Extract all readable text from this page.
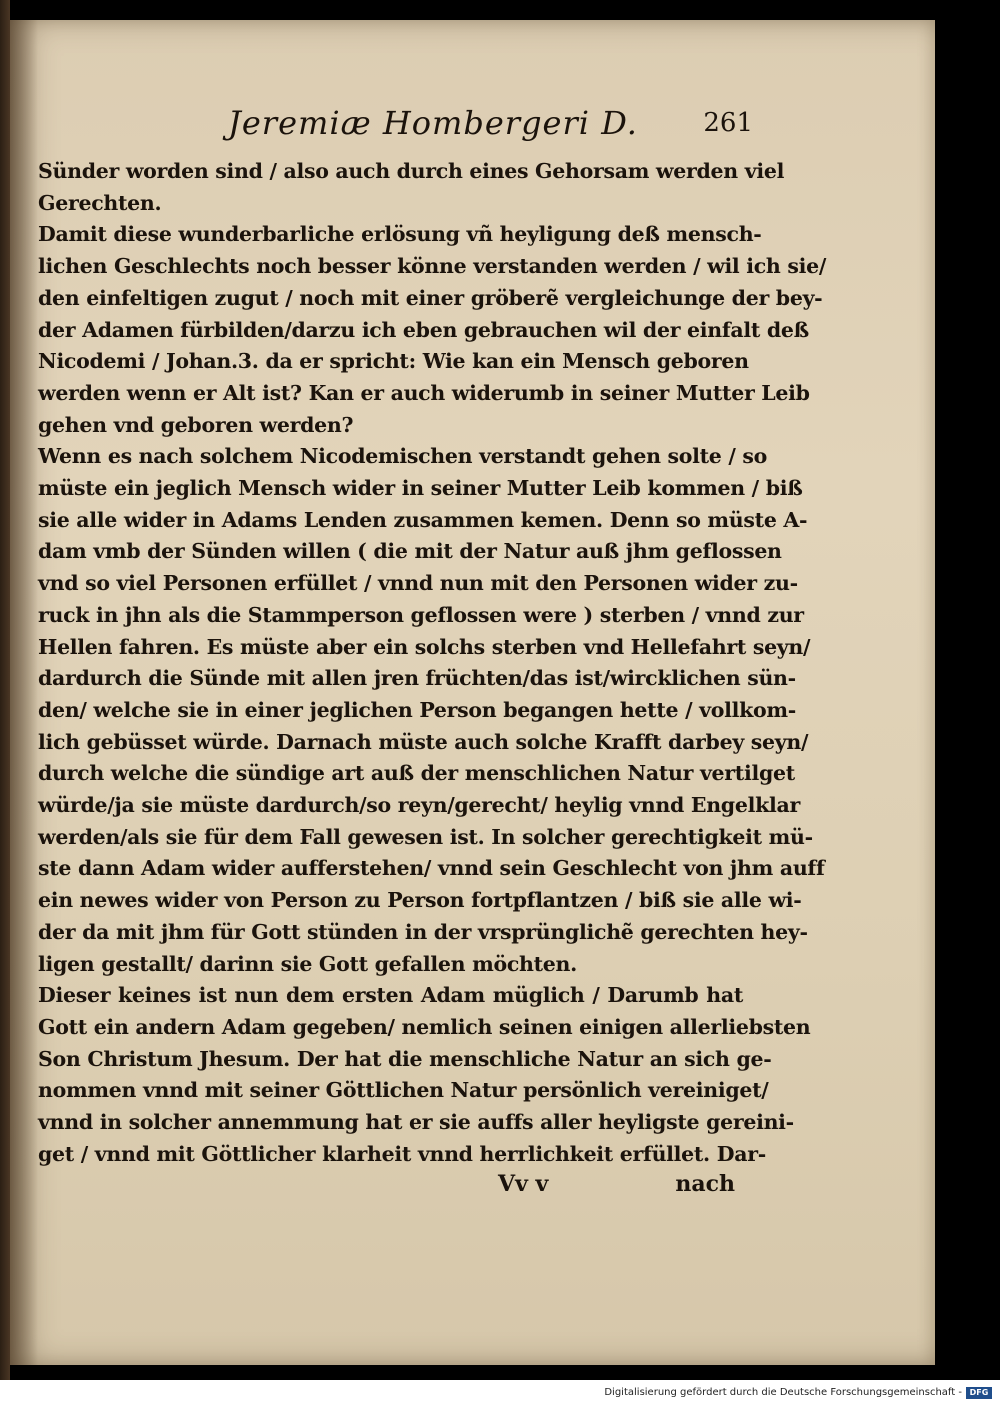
Jeremiæ Hombergeri D.	261
Sünder worden sind / also auch durch eines Gehorsam werden viel
Gerechten.
Damit diese wunderbarliche erlösung vñ heyligung deß mensch-
lichen Geschlechts noch besser könne verstanden werden / wil ich sie/
den einfeltigen zugut / noch mit einer gröberẽ vergleichunge der bey-
der Adamen fürbilden/darzu ich eben gebrauchen wil der einfalt deß
Nicodemi / Johan.3. da er spricht: Wie kan ein Mensch geboren
werden wenn er Alt ist? Kan er auch widerumb in seiner Mutter Leib
gehen vnd geboren werden?
Wenn es nach solchem Nicodemischen verstandt gehen solte / so
müste ein jeglich Mensch wider in seiner Mutter Leib kommen / biß
sie alle wider in Adams Lenden zusammen kemen. Denn so müste A-
dam vmb der Sünden willen ( die mit der Natur auß jhm geflossen
vnd so viel Personen erfüllet / vnnd nun mit den Personen wider zu-
ruck in jhn als die Stammperson geflossen were ) sterben / vnnd zur
Hellen fahren. Es müste aber ein solchs sterben vnd Hellefahrt seyn/
dardurch die Sünde mit allen jren früchten/das ist/wircklichen sün-
den/ welche sie in einer jeglichen Person begangen hette / vollkom-
lich gebüsset würde. Darnach müste auch solche Krafft darbey seyn/
durch welche die sündige art auß der menschlichen Natur vertilget
würde/ja sie müste dardurch/so reyn/gerecht/ heylig vnnd Engelklar
werden/als sie für dem Fall gewesen ist. In solcher gerechtigkeit mü-
ste dann Adam wider aufferstehen/ vnnd sein Geschlecht von jhm auff
ein newes wider von Person zu Person fortpflantzen / biß sie alle wi-
der da mit jhm für Gott stünden in der vrsprünglichẽ gerechten hey-
ligen gestallt/ darinn sie Gott gefallen möchten.
Dieser keines ist nun dem ersten Adam müglich / Darumb hat
Gott ein andern Adam gegeben/ nemlich seinen einigen allerliebsten
Son Christum Jhesum. Der hat die menschliche Natur an sich ge-
nommen vnnd mit seiner Göttlichen Natur persönlich vereiniget/
vnnd in solcher annemmung hat er sie auffs aller heyligste gereini-
get / vnnd mit Göttlicher klarheit vnnd herrlichkeit erfüllet. Dar-
Vv v	nach
Digitalisierung gefördert durch die Deutsche Forschungsgemeinschaft - DFG
